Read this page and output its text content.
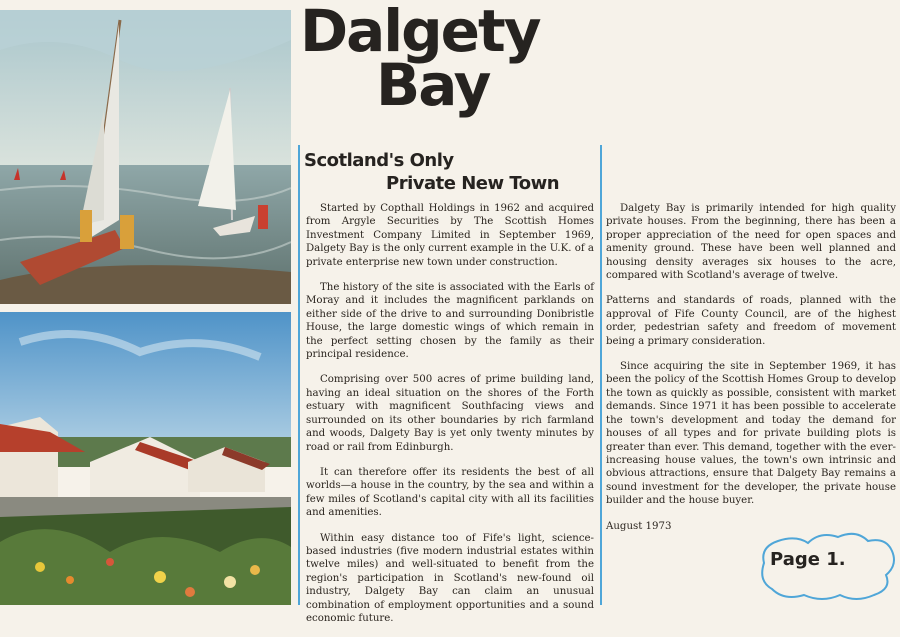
Dalgety
Bay
Scotland's Only
Private New Town

Started by Copthall Holdings in 1962 and acquired from Argyle Securities by The Scottish Homes Investment Company Limited in September 1969, Dalgety Bay is the only current example in the U.K. of a private enterprise new town under construction.

The history of the site is associated with the Earls of Moray and it includes the magnificent parklands on either side of the drive to and surrounding Donibristle House, the large domestic wings of which remain in the perfect setting chosen by the family as their principal residence.

Comprising over 500 acres of prime building land, having an ideal situation on the shores of the Forth estuary with magnificent Southfacing views and surrounded on its other boundaries by rich farmland and woods, Dalgety Bay is yet only twenty minutes by road or rail from Edinburgh.

It can therefore offer its residents the best of all worlds—a house in the country, by the sea and within a few miles of Scotland's capital city with all its facilities and amenities.

Within easy distance too of Fife's light, science-based industries (five modern industrial estates within twelve miles) and well-situated to benefit from the region's participation in Scotland's new-found oil industry, Dalgety Bay can claim an unusual combination of employment opportunities and a sound economic future.

Dalgety Bay is primarily intended for high quality private houses. From the beginning, there has been a proper appreciation of the need for open spaces and amenity ground. These have been well planned and housing density averages six houses to the acre, compared with Scotland's average of twelve.

Patterns and standards of roads, planned with the approval of Fife County Council, are of the highest order, pedestrian safety and freedom of movement being a primary consideration.

Since acquiring the site in September 1969, it has been the policy of the Scottish Homes Group to develop the town as quickly as possible, consistent with market demands. Since 1971 it has been possible to accelerate the town's development and today the demand for houses of all types and for private building plots is greater than ever. This demand, together with the ever-increasing house values, the town's own intrinsic and obvious attractions, ensure that Dalgety Bay remains a sound investment for the developer, the private house builder and the house buyer.

August 1973

Page 1.
